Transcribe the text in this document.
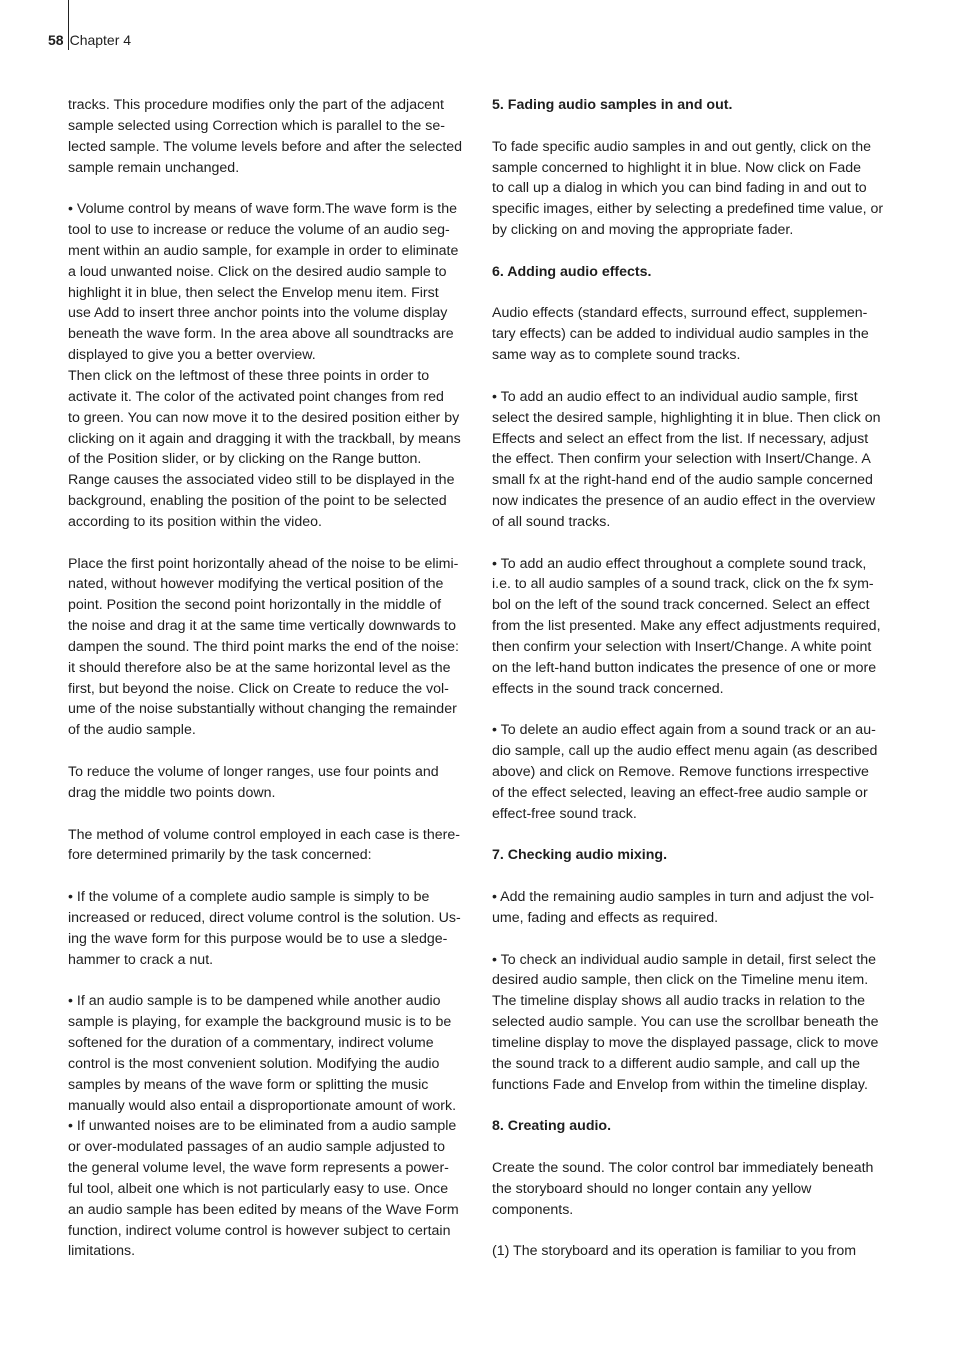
58 Chapter 4
tracks. This procedure modifies only the part of the adjacent
sample selected using Correction which is parallel to the se-
lected sample. The volume levels before and after the selected
sample remain unchanged.
• Volume control by means of wave form.The wave form is the
tool to use to increase or reduce the volume of an audio seg-
ment within an audio sample, for example in order to eliminate
a loud unwanted noise. Click on the desired audio sample to
highlight it in blue, then select the Envelop menu item. First
use Add to insert three anchor points into the volume display
beneath the wave form. In the area above all soundtracks are
displayed to give you a better overview.
Then click on the leftmost of these three points in order to
activate it. The color of the activated point changes from red
to green. You can now move it to the desired position either by
clicking on it again and dragging it with the trackball, by means
of the Position slider, or by clicking on the Range button.
Range causes the associated video still to be displayed in the
background, enabling the position of the point to be selected
according to its position within the video.
Place the first point horizontally ahead of the noise to be elimi-
nated, without however modifying the vertical position of the
point. Position the second point horizontally in the middle of
the noise and drag it at the same time vertically downwards to
dampen the sound. The third point marks the end of the noise:
it should therefore also be at the same horizontal level as the
first, but beyond the noise. Click on Create to reduce the vol-
ume of the noise substantially without changing the remainder
of the audio sample.
To reduce the volume of longer ranges, use four points and
drag the middle two points down.
The method of volume control employed in each case is there-
fore determined primarily by the task concerned:
• If the volume of a complete audio sample is simply to be
increased or reduced, direct volume control is the solution. Us-
ing the wave form for this purpose would be to use a sledge-
hammer to crack a nut.
• If an audio sample is to be dampened while another audio
sample is playing, for example the background music is to be
softened for the duration of a commentary, indirect volume
control is the most convenient solution. Modifying the audio
samples by means of the wave form or splitting the music
manually would also entail a disproportionate amount of work.
• If unwanted noises are to be eliminated from a audio sample
or over-modulated passages of an audio sample adjusted to
the general volume level, the wave form represents a power-
ful tool, albeit one which is not particularly easy to use. Once
an audio sample has been edited by means of the Wave Form
function, indirect volume control is however subject to certain
limitations.
5. Fading audio samples in and out.
To fade specific audio samples in and out gently, click on the
sample concerned to highlight it in blue. Now click on Fade
to call up a dialog in which you can bind fading in and out to
specific images, either by selecting a predefined time value, or
by clicking on and moving the appropriate fader.
6. Adding audio effects.
Audio effects (standard effects, surround effect, supplemen-
tary effects) can be added to individual audio samples in the
same way as to complete sound tracks.
• To add an audio effect to an individual audio sample, first
select the desired sample, highlighting it in blue. Then click on
Effects and select an effect from the list. If necessary, adjust
the effect. Then confirm your selection with Insert/Change. A
small fx at the right-hand end of the audio sample concerned
now indicates the presence of an audio effect in the overview
of all sound tracks.
• To add an audio effect throughout a complete sound track,
i.e. to all audio samples of a sound track, click on the fx sym-
bol on the left of the sound track concerned. Select an effect
from the list presented. Make any effect adjustments required,
then confirm your selection with Insert/Change. A white point
on the left-hand button indicates the presence of one or more
effects in the sound track concerned.
• To delete an audio effect again from a sound track or an au-
dio sample, call up the audio effect menu again (as described
above) and click on Remove. Remove functions irrespective
of the effect selected, leaving an effect-free audio sample or
effect-free sound track.
7. Checking audio mixing.
• Add the remaining audio samples in turn and adjust the vol-
ume, fading and effects as required.
• To check an individual audio sample in detail, first select the
desired audio sample, then click on the Timeline menu item.
The timeline display shows all audio tracks in relation to the
selected audio sample. You can use the scrollbar beneath the
timeline display to move the displayed passage, click to move
the sound track to a different audio sample, and call up the
functions Fade and Envelop from within the timeline display.
8. Creating audio.
Create the sound. The color control bar immediately beneath
the storyboard should no longer contain any yellow
components.
(1) The storyboard and its operation is familiar to you from
